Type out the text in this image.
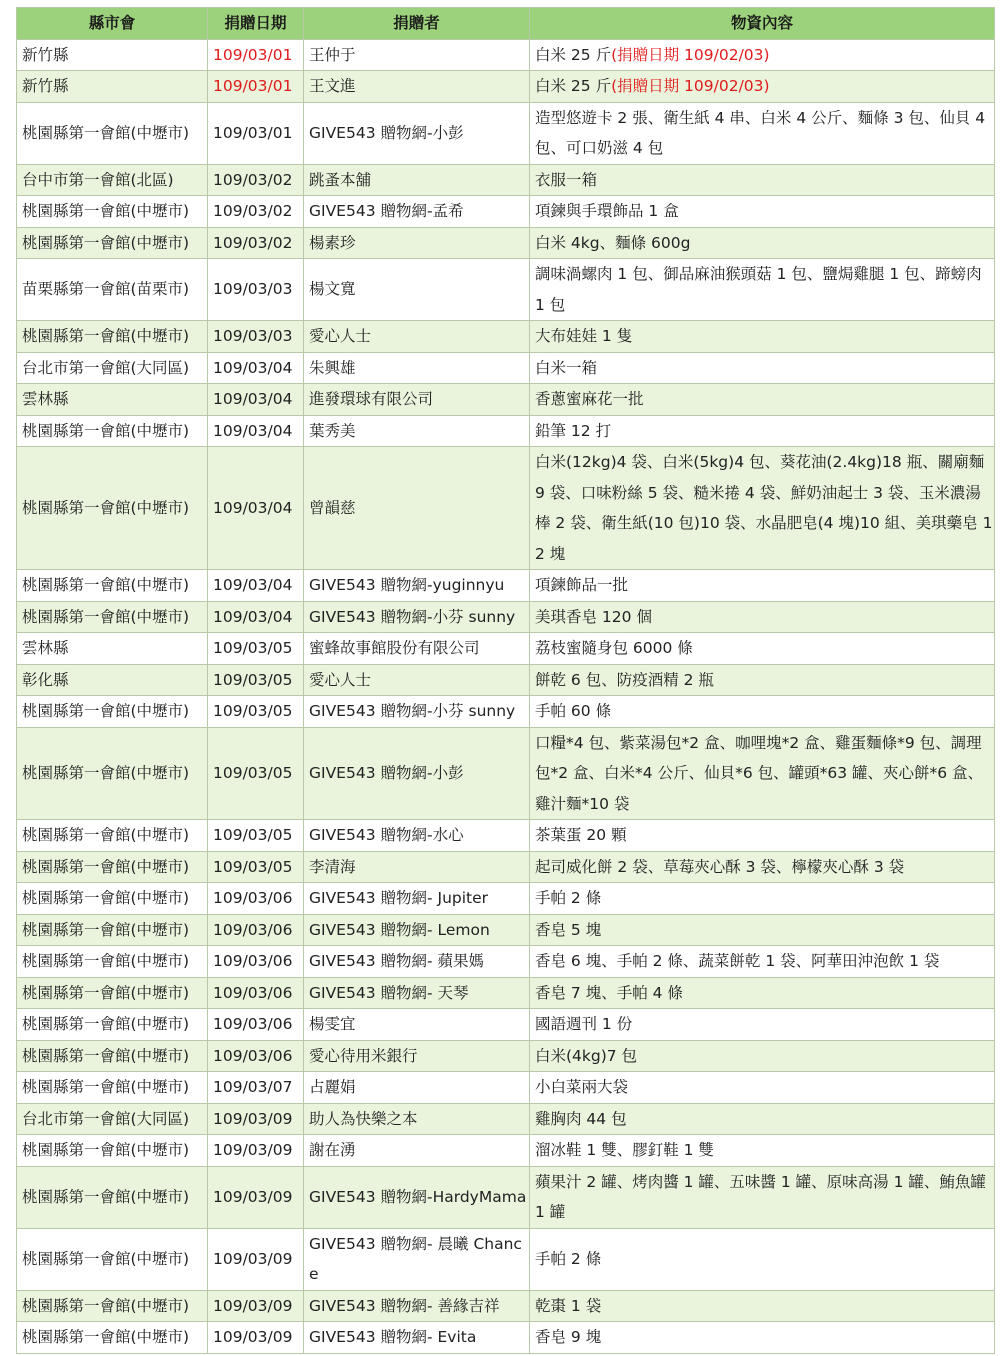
縣市會	捐贈日期	捐贈者	物資內容
新竹縣	109/03/01	王仲于	白米 25 斤(捐贈日期 109/02/03)
新竹縣	109/03/01	王文進	白米 25 斤(捐贈日期 109/02/03)
桃園縣第一會館(中壢市)	109/03/01	GIVE543 贈物網-小彭	造型悠遊卡 2 張、衛生紙 4 串、白米 4 公斤、麵條 3 包、仙貝 4 包、可口奶滋 4 包
台中市第一會館(北區)	109/03/02	跳蚤本舖	衣服一箱
桃園縣第一會館(中壢市)	109/03/02	GIVE543 贈物網-孟希	項鍊與手環飾品 1 盒
桃園縣第一會館(中壢市)	109/03/02	楊素珍	白米 4kg、麵條 600g
苗栗縣第一會館(苗栗市)	109/03/03	楊文寬	調味渦螺肉 1 包、御品麻油猴頭菇 1 包、鹽焗雞腿 1 包、蹄螃肉 1 包
桃園縣第一會館(中壢市)	109/03/03	愛心人士	大布娃娃 1 隻
台北市第一會館(大同區)	109/03/04	朱興雄	白米一箱
雲林縣	109/03/04	進發環球有限公司	香蔥蜜麻花一批
桃園縣第一會館(中壢市)	109/03/04	葉秀美	鉛筆 12 打
桃園縣第一會館(中壢市)	109/03/04	曾韻慈	白米(12kg)4 袋、白米(5kg)4 包、葵花油(2.4kg)18 瓶、關廟麵 9 袋、口味粉絲 5 袋、糙米捲 4 袋、鮮奶油起士 3 袋、玉米濃湯棒 2 袋、衛生紙(10 包)10 袋、水晶肥皂(4 塊)10 組、美琪藥皂 12 塊
桃園縣第一會館(中壢市)	109/03/04	GIVE543 贈物網-yuginnyu	項鍊飾品一批
桃園縣第一會館(中壢市)	109/03/04	GIVE543 贈物網-小芬 sunny	美琪香皂 120 個
雲林縣	109/03/05	蜜蜂故事館股份有限公司	荔枝蜜隨身包 6000 條
彰化縣	109/03/05	愛心人士	餅乾 6 包、防疫酒精 2 瓶
桃園縣第一會館(中壢市)	109/03/05	GIVE543 贈物網-小芬 sunny	手帕 60 條
桃園縣第一會館(中壢市)	109/03/05	GIVE543 贈物網-小彭	口糧*4 包、紫菜湯包*2 盒、咖哩塊*2 盒、雞蛋麵條*9 包、調理包*2 盒、白米*4 公斤、仙貝*6 包、罐頭*63 罐、夾心餅*6 盒、雞汁麵*10 袋
桃園縣第一會館(中壢市)	109/03/05	GIVE543 贈物網-水心	茶葉蛋 20 顆
桃園縣第一會館(中壢市)	109/03/05	李清海	起司威化餅 2 袋、草莓夾心酥 3 袋、檸檬夾心酥 3 袋
桃園縣第一會館(中壢市)	109/03/06	GIVE543 贈物網- Jupiter	手帕 2 條
桃園縣第一會館(中壢市)	109/03/06	GIVE543 贈物網- Lemon	香皂 5 塊
桃園縣第一會館(中壢市)	109/03/06	GIVE543 贈物網- 蘋果媽	香皂 6 塊、手帕 2 條、蔬菜餅乾 1 袋、阿華田沖泡飲 1 袋
桃園縣第一會館(中壢市)	109/03/06	GIVE543 贈物網- 天琴	香皂 7 塊、手帕 4 條
桃園縣第一會館(中壢市)	109/03/06	楊雯宜	國語週刊 1 份
桃園縣第一會館(中壢市)	109/03/06	愛心待用米銀行	白米(4kg)7 包
桃園縣第一會館(中壢市)	109/03/07	占麗娟	小白菜兩大袋
台北市第一會館(大同區)	109/03/09	助人為快樂之本	雞胸肉 44 包
桃園縣第一會館(中壢市)	109/03/09	謝在湧	溜冰鞋 1 雙、膠釘鞋 1 雙
桃園縣第一會館(中壢市)	109/03/09	GIVE543 贈物網-HardyMama	蘋果汁 2 罐、烤肉醬 1 罐、五味醬 1 罐、原味高湯 1 罐、鮪魚罐 1 罐
桃園縣第一會館(中壢市)	109/03/09	GIVE543 贈物網- 晨曦 Chance	手帕 2 條
桃園縣第一會館(中壢市)	109/03/09	GIVE543 贈物網- 善緣吉祥	乾棗 1 袋
桃園縣第一會館(中壢市)	109/03/09	GIVE543 贈物網- Evita	香皂 9 塊
